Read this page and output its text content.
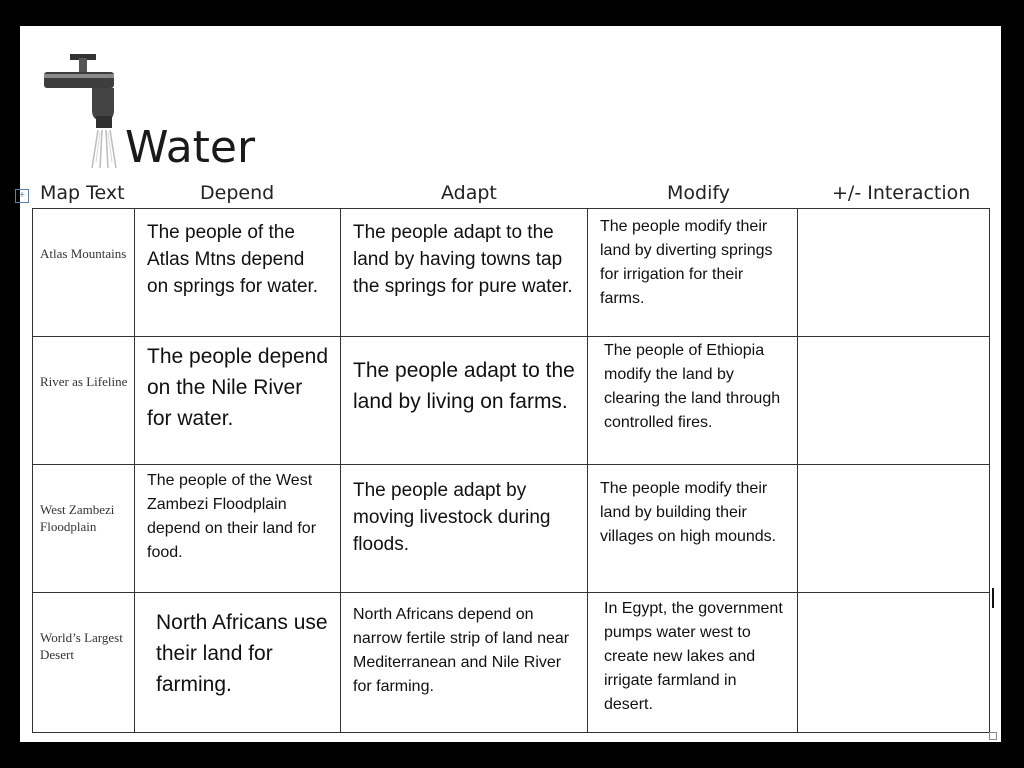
Water
+ Map Text	Depend	Adapt	Modify	+/- Interaction
Atlas Mountains	The people of the Atlas Mtns depend on springs for water.	The people adapt to the land by having towns tap the springs for pure water.	The people modify their land by diverting springs for irrigation for their farms.	

River as Lifeline	The people depend on the Nile River for water.	The people adapt to the land by living on farms.	The people of Ethiopia modify the land by clearing the land through controlled fires.	

West Zambezi Floodplain	The people of the West Zambezi Floodplain depend on their land for food.	The people adapt by moving livestock during floods.	The people modify their land by building their villages on high mounds.	

World’s Largest Desert	North Africans use their land for farming.	North Africans depend on narrow fertile strip of land near Mediterranean and Nile River for farming.	In Egypt, the government pumps water west to create new lakes and irrigate farmland in desert.	
